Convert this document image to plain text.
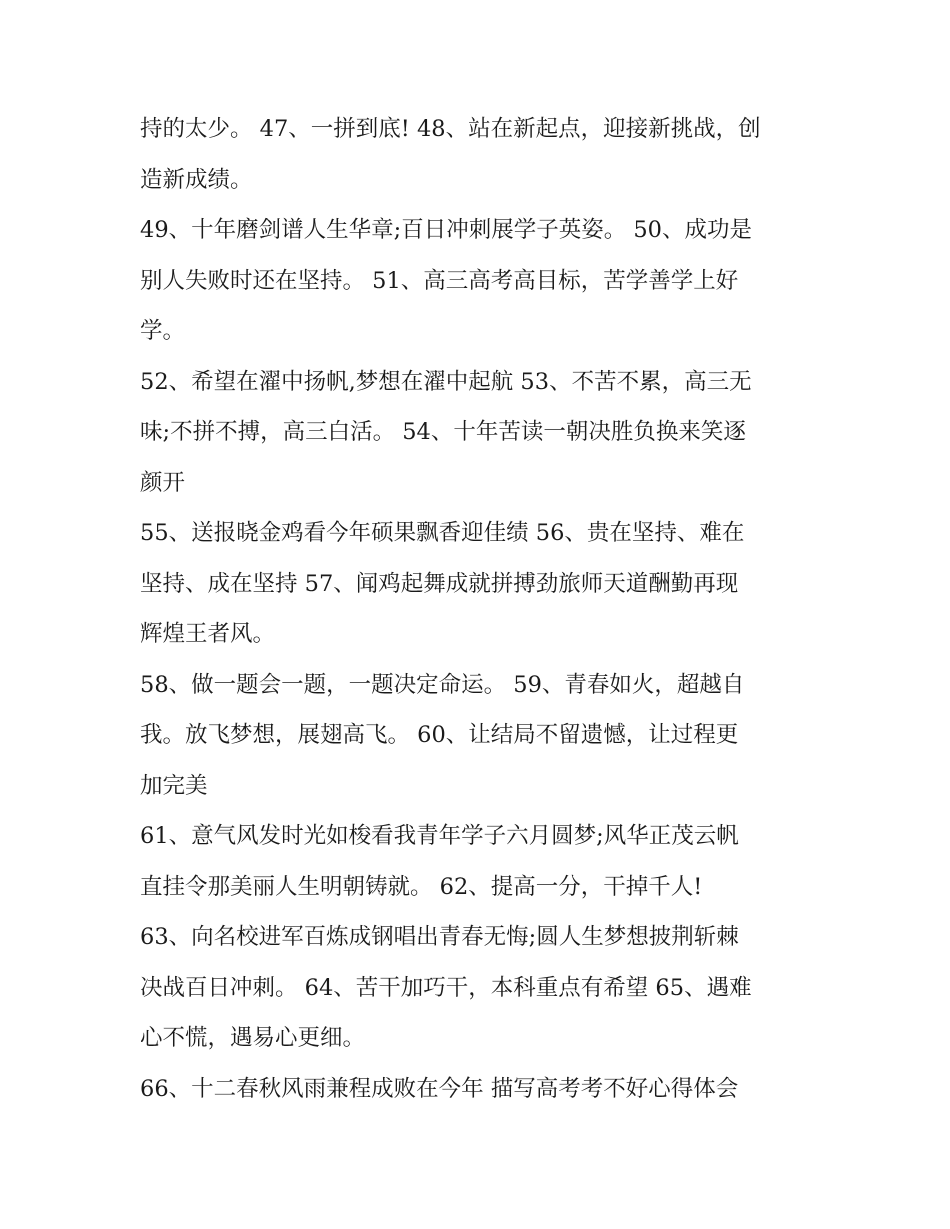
持的太少。 47、一拼到底! 48、站在新起点，迎接新挑战，创
造新成绩。

49、十年磨剑谱人生华章;百日冲刺展学子英姿。 50、成功是
别人失败时还在坚持。 51、高三高考高目标，苦学善学上好
学。

52、希望在濯中扬帆,梦想在濯中起航 53、不苦不累，高三无
味;不拼不搏，高三白活。 54、十年苦读一朝决胜负换来笑逐
颜开

55、送报晓金鸡看今年硕果飘香迎佳绩 56、贵在坚持、难在
坚持、成在坚持 57、闻鸡起舞成就拼搏劲旅师天道酬勤再现
辉煌王者风。

58、做一题会一题，一题决定命运。 59、青春如火，超越自
我。放飞梦想，展翅高飞。 60、让结局不留遗憾，让过程更
加完美

61、意气风发时光如梭看我青年学子六月圆梦;风华正茂云帆
直挂令那美丽人生明朝铸就。 62、提高一分，干掉千人!

63、向名校进军百炼成钢唱出青春无悔;圆人生梦想披荆斩棘
决战百日冲刺。 64、苦干加巧干，本科重点有希望 65、遇难
心不慌，遇易心更细。

66、十二春秋风雨兼程成败在今年 描写高考考不好心得体会
